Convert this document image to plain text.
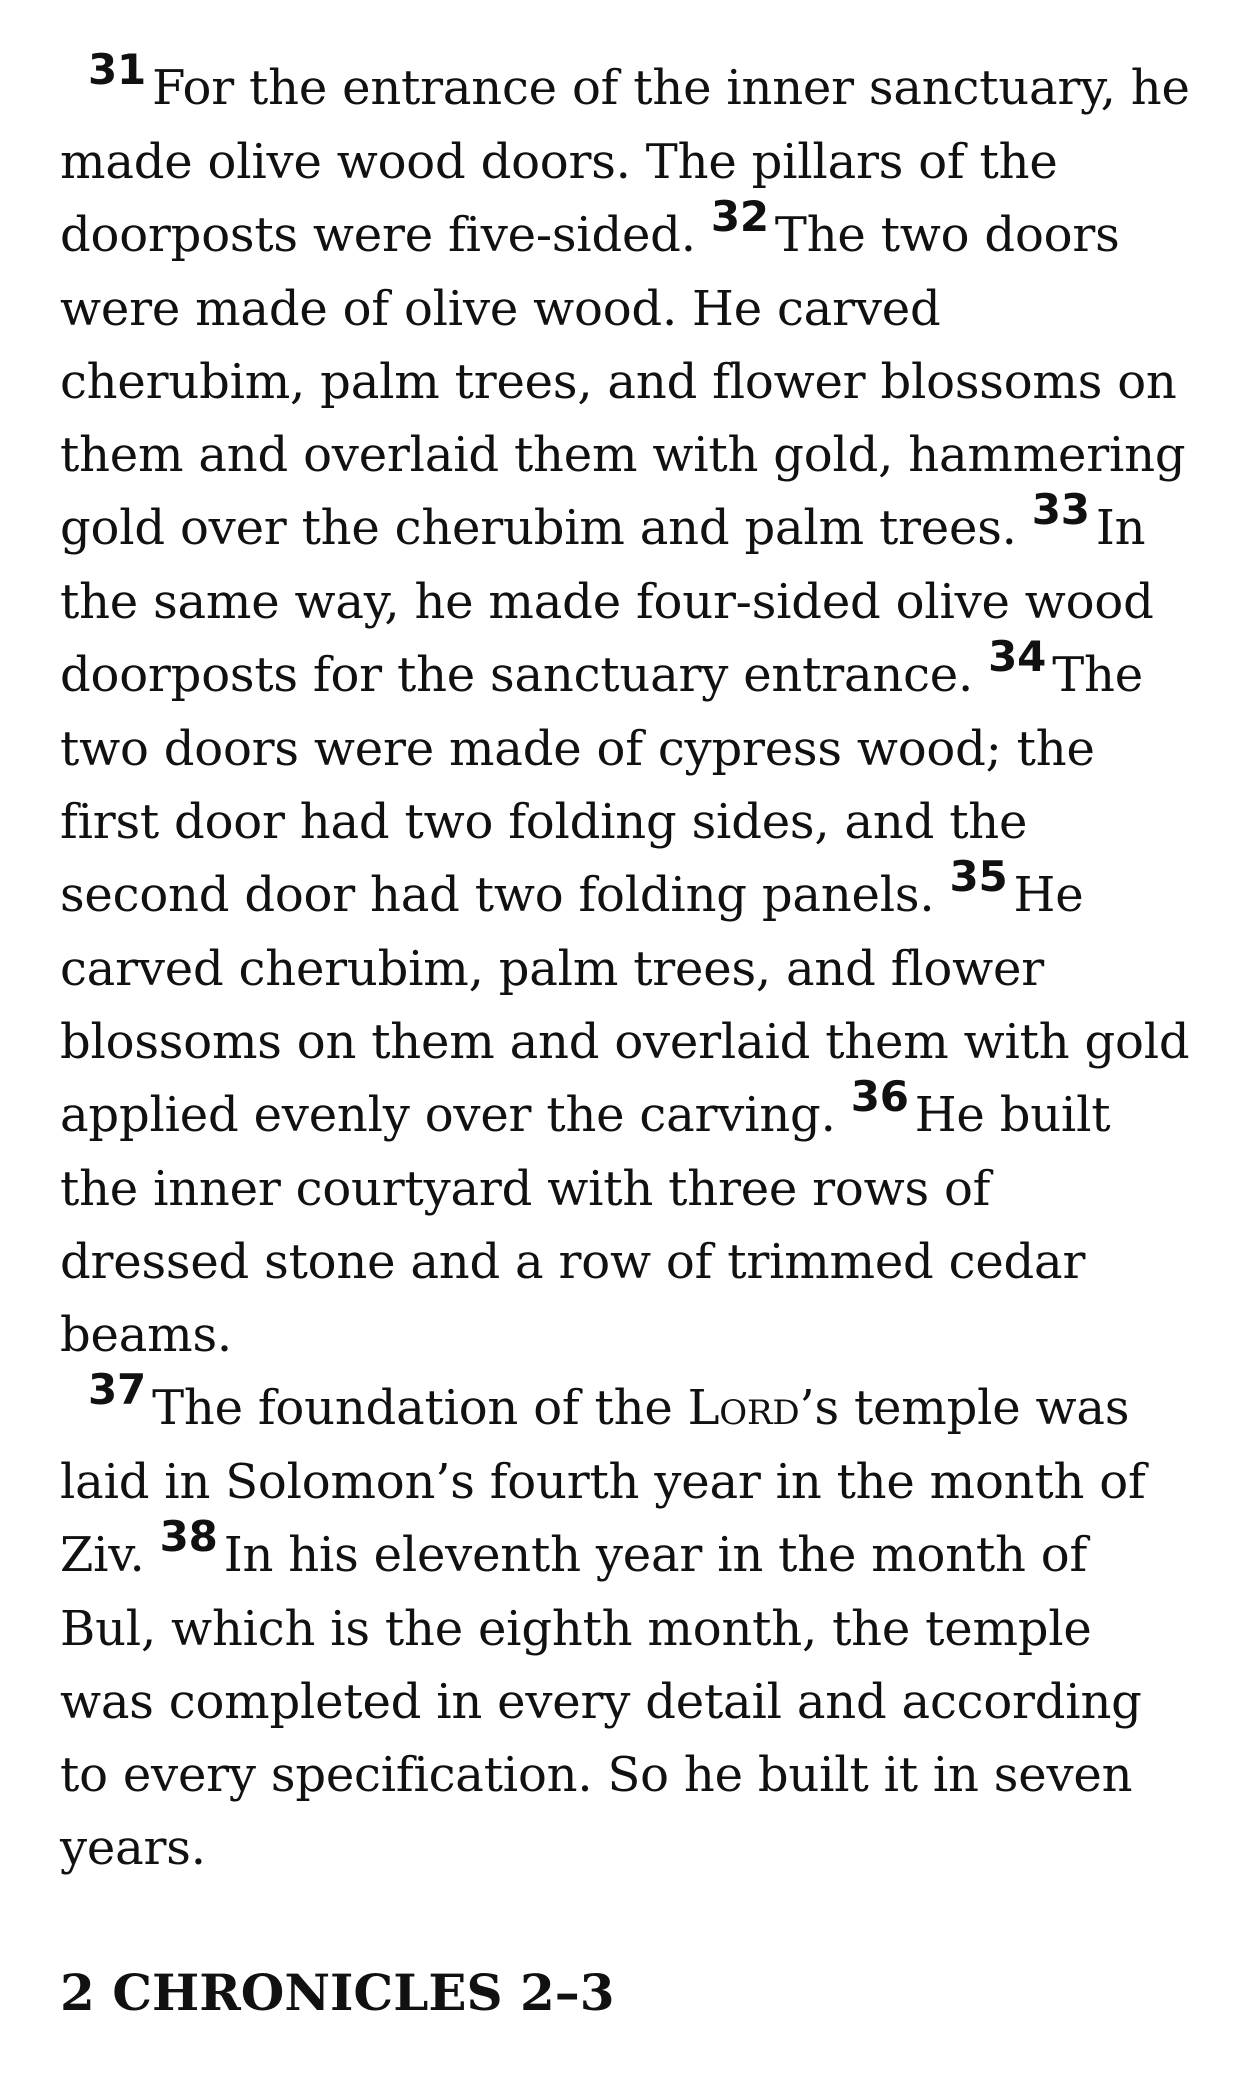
31 For the entrance of the inner sanctuary, he made olive wood doors. The pillars of the doorposts were five-sided. 32 The two doors were made of olive wood. He carved cherubim, palm trees, and flower blossoms on them and overlaid them with gold, hammering gold over the cherubim and palm trees. 33 In the same way, he made four-sided olive wood doorposts for the sanctuary entrance. 34 The two doors were made of cypress wood; the first door had two folding sides, and the second door had two folding panels. 35 He carved cherubim, palm trees, and flower blossoms on them and overlaid them with gold applied evenly over the carving. 36 He built the inner courtyard with three rows of dressed stone and a row of trimmed cedar beams.

37 The foundation of the Lord’s temple was laid in Solomon’s fourth year in the month of Ziv. 38 In his eleventh year in the month of Bul, which is the eighth month, the temple was completed in every detail and according to every specification. So he built it in seven years.

2 CHRONICLES 2–3
